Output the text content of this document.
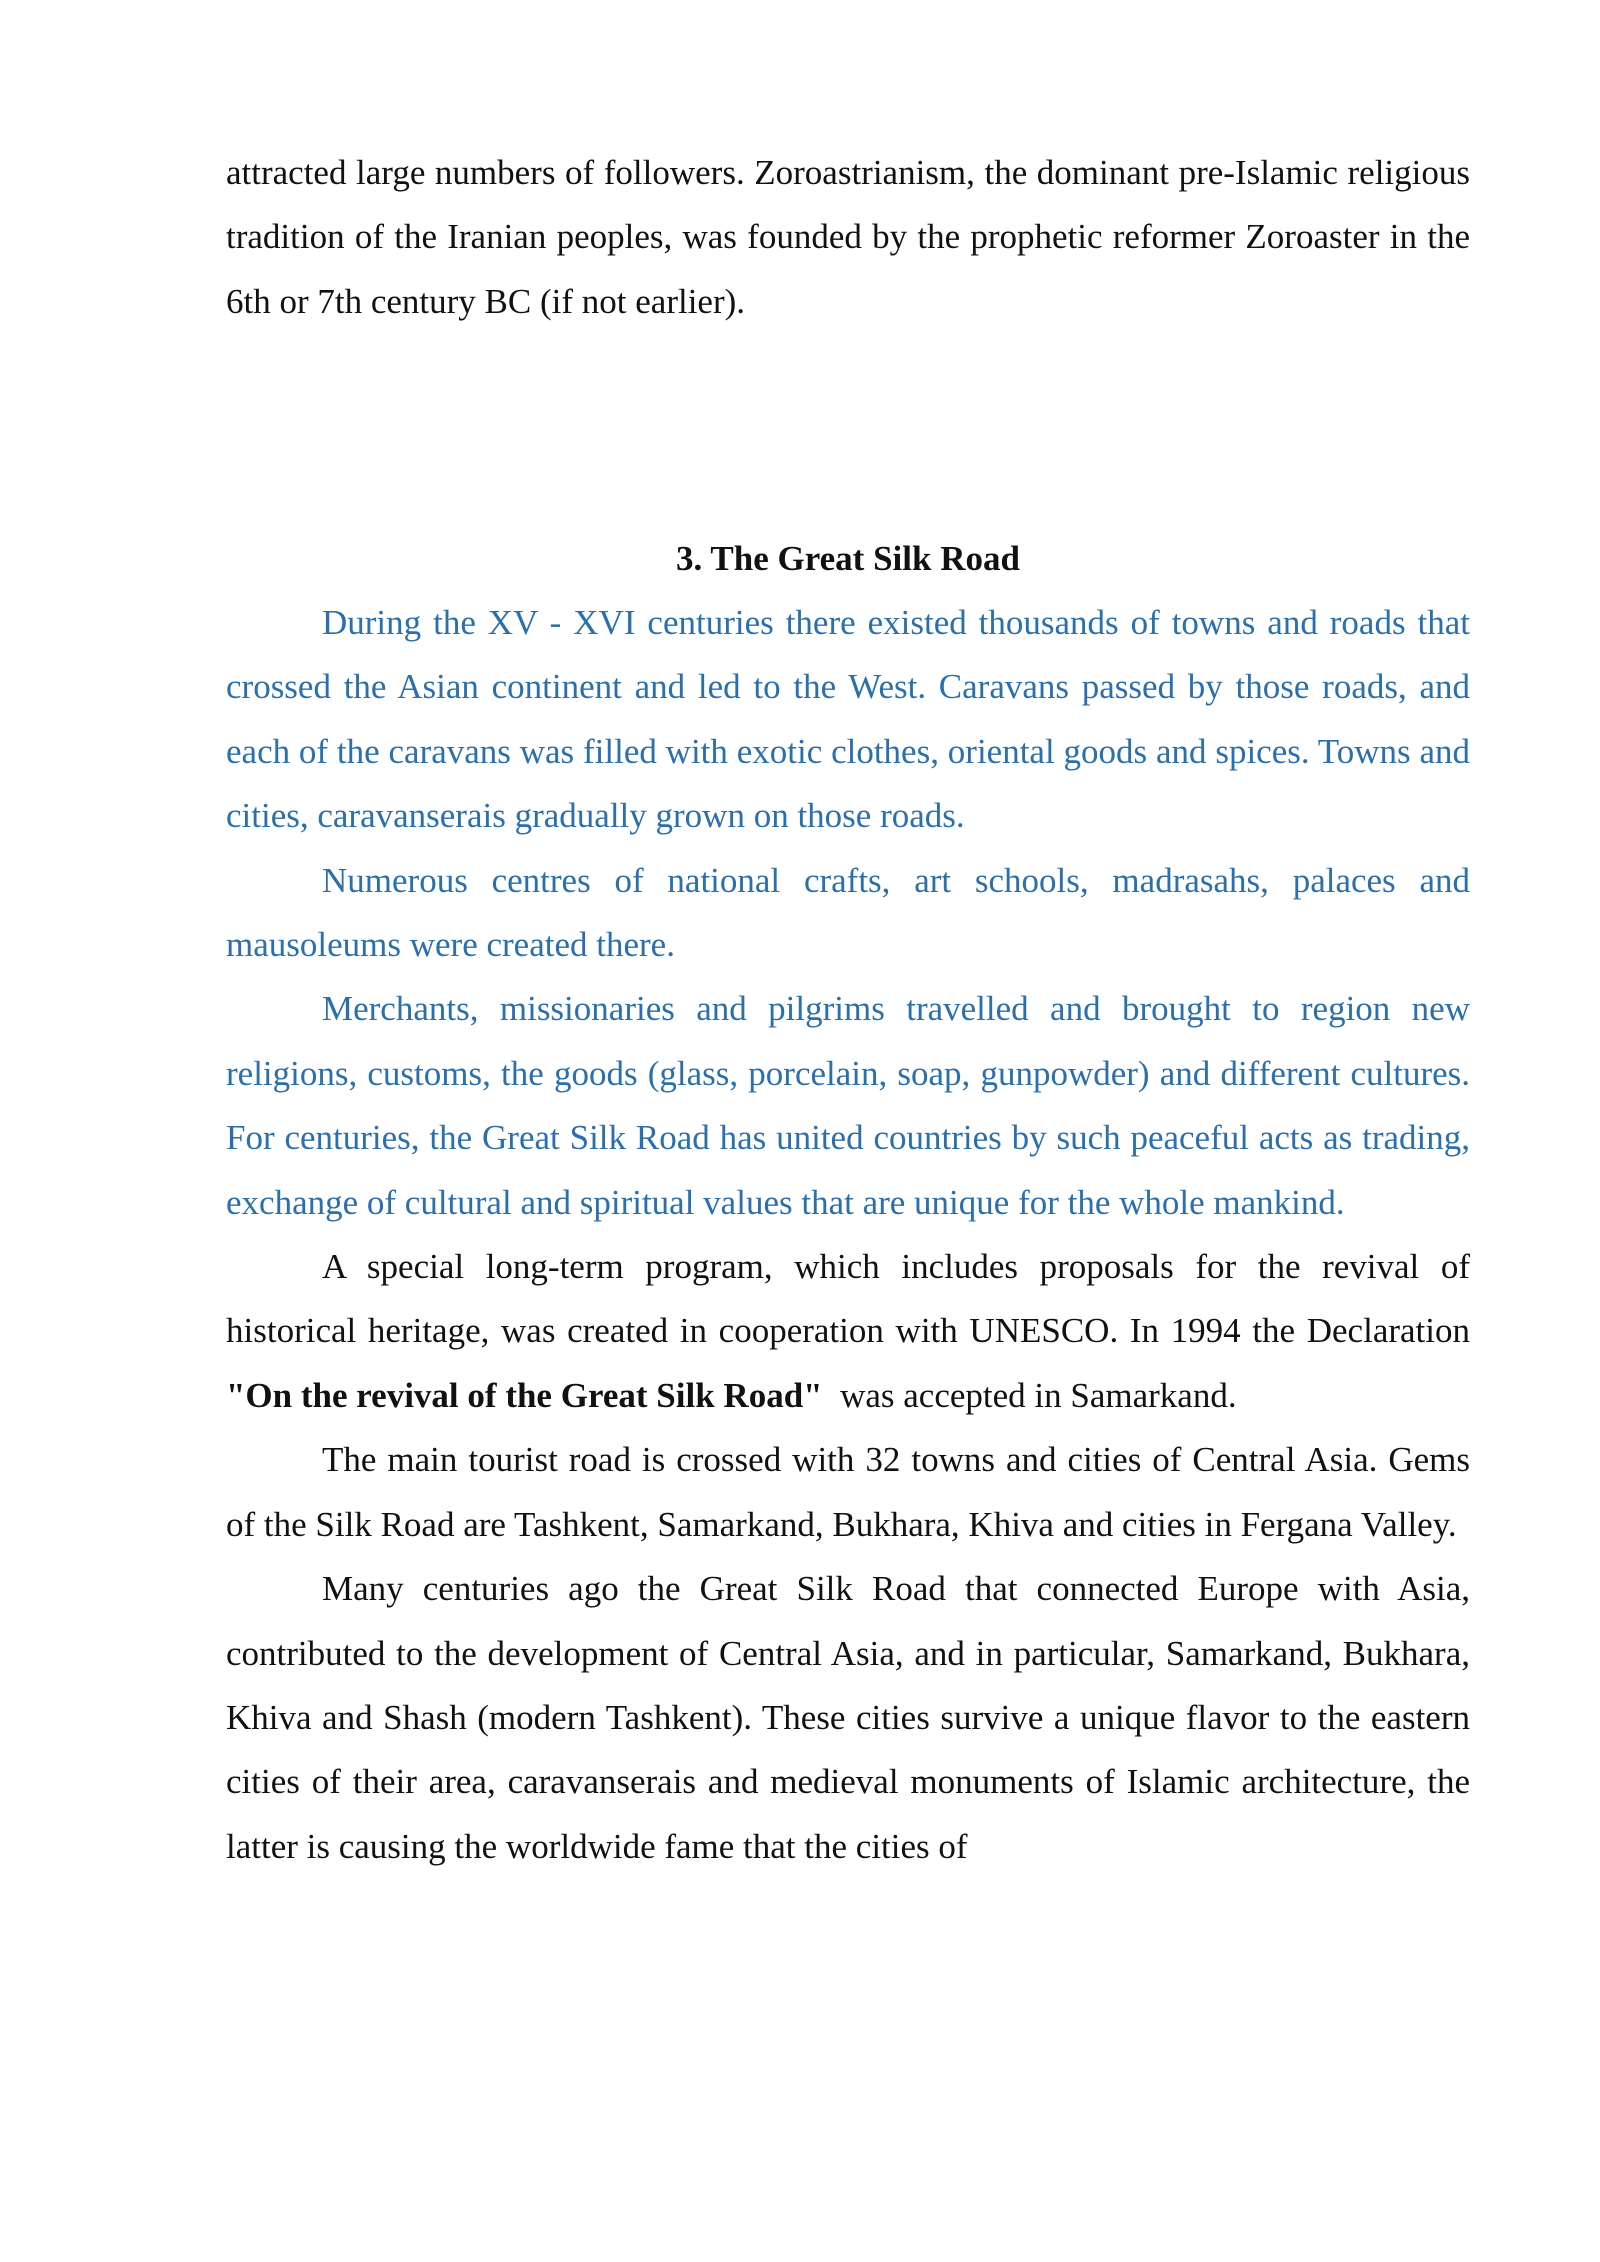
attracted large numbers of followers. Zoroastrianism, the dominant pre-Islamic religious tradition of the Iranian peoples, was founded by the prophetic reformer Zoroaster in the 6th or 7th century BC (if not earlier).

3. The Great Silk Road

During the XV - XVI centuries there existed thousands of towns and roads that crossed the Asian continent and led to the West. Caravans passed by those roads, and each of the caravans was filled with exotic clothes, oriental goods and spices. Towns and cities, caravanserais gradually grown on those roads.

Numerous centres of national crafts, art schools, madrasahs, palaces and mausoleums were created there.

Merchants, missionaries and pilgrims travelled and brought to region new religions, customs, the goods (glass, porcelain, soap, gunpowder) and different cultures. For centuries, the Great Silk Road has united countries by such peaceful acts as trading, exchange of cultural and spiritual values that are unique for the whole mankind.

A special long-term program, which includes proposals for the revival of historical heritage, was created in cooperation with UNESCO. In 1994 the Declaration "On the revival of the Great Silk Road"  was accepted in Samarkand.

The main tourist road is crossed with 32 towns and cities of Central Asia. Gems of the Silk Road are Tashkent, Samarkand, Bukhara, Khiva and cities in Fergana Valley.

Many centuries ago the Great Silk Road that connected Europe with Asia, contributed to the development of Central Asia, and in particular, Samarkand, Bukhara, Khiva and Shash (modern Tashkent). These cities survive a unique flavor to the eastern cities of their area, caravanserais and medieval monuments of Islamic architecture, the latter is causing the worldwide fame that the cities of
